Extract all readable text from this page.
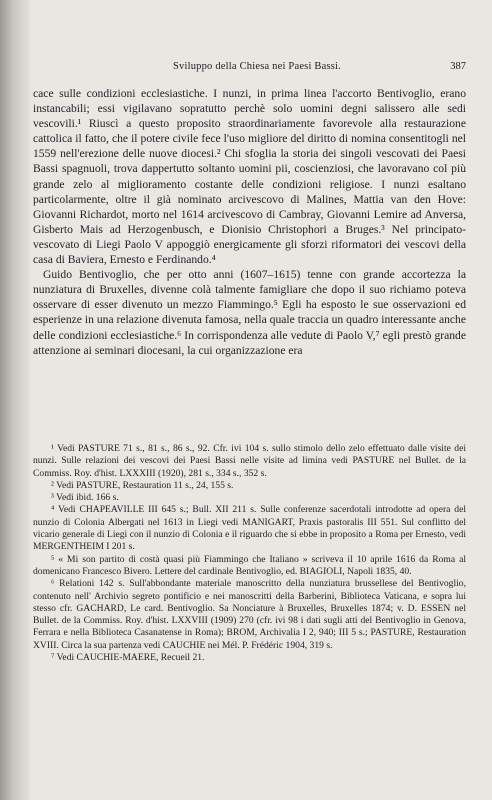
Sviluppo della Chiesa nei Paesi Bassi.	387

cace sulle condizioni ecclesiastiche. I nunzi, in prima linea l'accorto Bentivoglio, erano instancabili; essi vigilavano sopratutto perchè solo uomini degni salissero alle sedi vescovili.¹ Riuscì a questo proposito straordinariamente favorevole alla restaurazione cattolica il fatto, che il potere civile fece l'uso migliore del diritto di nomina consentitogli nel 1559 nell'erezione delle nuove diocesi.² Chi sfoglia la storia dei singoli vescovati dei Paesi Bassi spagnuoli, trova dappertutto soltanto uomini pii, coscienziosi, che lavoravano col più grande zelo al miglioramento costante delle condizioni religiose. I nunzi esaltano particolarmente, oltre il già nominato arcivescovo di Malines, Mattia van den Hove: Giovanni Richardot, morto nel 1614 arcivescovo di Cambray, Giovanni Lemire ad Anversa, Gisberto Mais ad Herzogenbusch, e Dionisio Christophori a Bruges.³ Nel principato-vescovato di Liegi Paolo V appoggiò energicamente gli sforzi riformatori dei vescovi della casa di Baviera, Ernesto e Ferdinando.⁴

Guido Bentivoglio, che per otto anni (1607–1615) tenne con grande accortezza la nunziatura di Bruxelles, divenne colà talmente famigliare che dopo il suo richiamo poteva osservare di esser divenuto un mezzo Fiammingo.⁵ Egli ha esposto le sue osservazioni ed esperienze in una relazione divenuta famosa, nella quale traccia un quadro interessante anche delle condizioni ecclesiastiche.⁶ In corrispondenza alle vedute di Paolo V,⁷ egli prestò grande attenzione ai seminari diocesani, la cui organizzazione era

¹ Vedi PASTURE 71 s., 81 s., 86 s., 92. Cfr. ivi 104 s. sullo stimolo dello zelo effettuato dalle visite dei nunzi. Sulle relazioni dei vescovi dei Paesi Bassi nelle visite ad limina vedi PASTURE nel Bullet. de la Commiss. Roy. d'hist. LXXXIII (1920), 281 s., 334 s., 352 s.

² Vedi PASTURE, Restauration 11 s., 24, 155 s.

³ Vedi ibid. 166 s.

⁴ Vedi CHAPEAVILLE III 645 s.; Bull. XII 211 s. Sulle conferenze sacerdotali introdotte ad opera del nunzio di Colonia Albergati nel 1613 in Liegi vedi MANIGART, Praxis pastoralis III 551. Sul conflitto del vicario generale di Liegi con il nunzio di Colonia e il riguardo che si ebbe in proposito a Roma per Ernesto, vedi MERGENTHEIM I 201 s.

⁵ « Mi son partito di costà quasi più Fiammingo che Italiano » scriveva il 10 aprile 1616 da Roma al domenicano Francesco Bivero. Lettere del cardinale Bentivoglio, ed. BIAGIOLI, Napoli 1835, 40.

⁶ Relationi 142 s. Sull'abbondante materiale manoscritto della nunziatura brussellese del Bentivoglio, contenuto nell' Archivio segreto pontificio e nei manoscritti della Barberini, Biblioteca Vaticana, e sopra lui stesso cfr. GACHARD, Le card. Bentivoglio. Sa Nonciature à Bruxelles, Bruxelles 1874; v. D. ESSEN nel Bullet. de la Commiss. Roy. d'hist. LXXVIII (1909) 270 (cfr. ivi 98 i dati sugli atti del Bentivoglio in Genova, Ferrara e nella Biblioteca Casanatense in Roma); BROM, Archivalia I 2, 940; III 5 s.; PASTURE, Restauration XVIII. Circa la sua partenza vedi CAUCHIE nei Mél. P. Frédéric 1904, 319 s.

⁷ Vedi CAUCHIE-MAERE, Recueil 21.
